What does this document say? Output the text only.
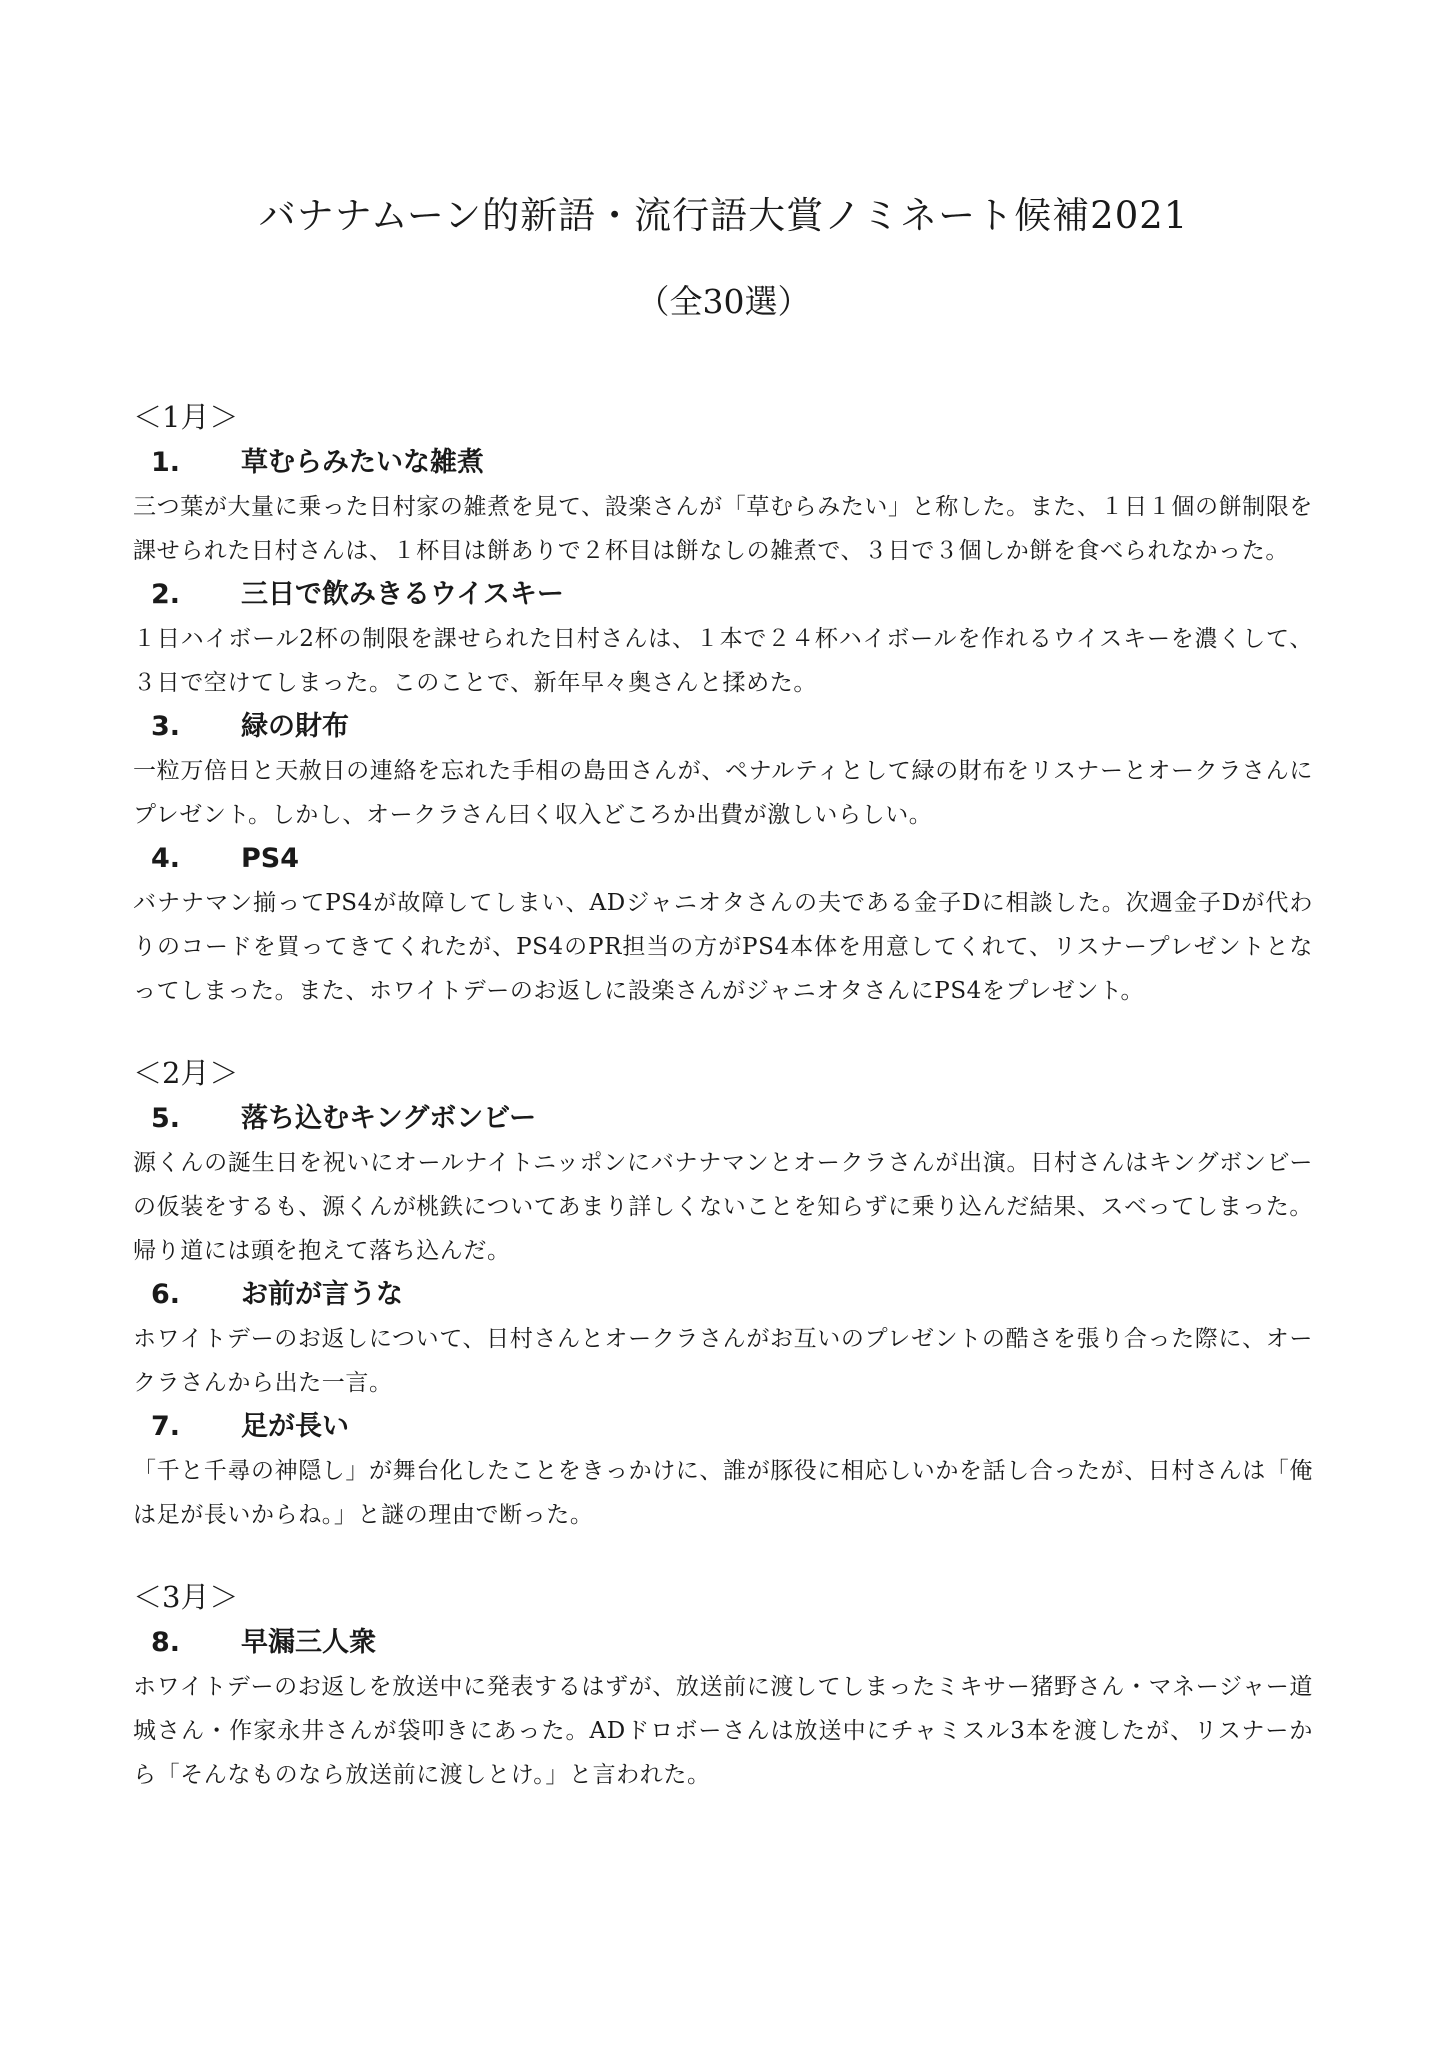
バナナムーン的新語・流行語大賞ノミネート候補2021
（全30選）
＜1月＞
1.	草むらみたいな雑煮

三つ葉が大量に乗った日村家の雑煮を見て、設楽さんが「草むらみたい」と称した。また、１日１個の餅制限を課せられた日村さんは、１杯目は餅ありで２杯目は餅なしの雑煮で、３日で３個しか餅を食べられなかった。

2.	三日で飲みきるウイスキー

１日ハイボール2杯の制限を課せられた日村さんは、１本で２４杯ハイボールを作れるウイスキーを濃くして、３日で空けてしまった。このことで、新年早々奥さんと揉めた。

3.	緑の財布

一粒万倍日と天赦日の連絡を忘れた手相の島田さんが、ペナルティとして緑の財布をリスナーとオークラさんにプレゼント。しかし、オークラさん曰く収入どころか出費が激しいらしい。

4.	PS4

バナナマン揃ってPS4が故障してしまい、ADジャニオタさんの夫である金子Dに相談した。次週金子Dが代わりのコードを買ってきてくれたが、PS4のPR担当の方がPS4本体を用意してくれて、リスナープレゼントとなってしまった。また、ホワイトデーのお返しに設楽さんがジャニオタさんにPS4をプレゼント。

＜2月＞
5.	落ち込むキングボンビー

源くんの誕生日を祝いにオールナイトニッポンにバナナマンとオークラさんが出演。日村さんはキングボンビーの仮装をするも、源くんが桃鉄についてあまり詳しくないことを知らずに乗り込んだ結果、スベってしまった。帰り道には頭を抱えて落ち込んだ。

6.	お前が言うな

ホワイトデーのお返しについて、日村さんとオークラさんがお互いのプレゼントの酷さを張り合った際に、オークラさんから出た一言。

7.	足が長い

「千と千尋の神隠し」が舞台化したことをきっかけに、誰が豚役に相応しいかを話し合ったが、日村さんは「俺は足が長いからね。」と謎の理由で断った。

＜3月＞
8.	早漏三人衆

ホワイトデーのお返しを放送中に発表するはずが、放送前に渡してしまったミキサー猪野さん・マネージャー道城さん・作家永井さんが袋叩きにあった。ADドロボーさんは放送中にチャミスル3本を渡したが、リスナーから「そんなものなら放送前に渡しとけ。」と言われた。
